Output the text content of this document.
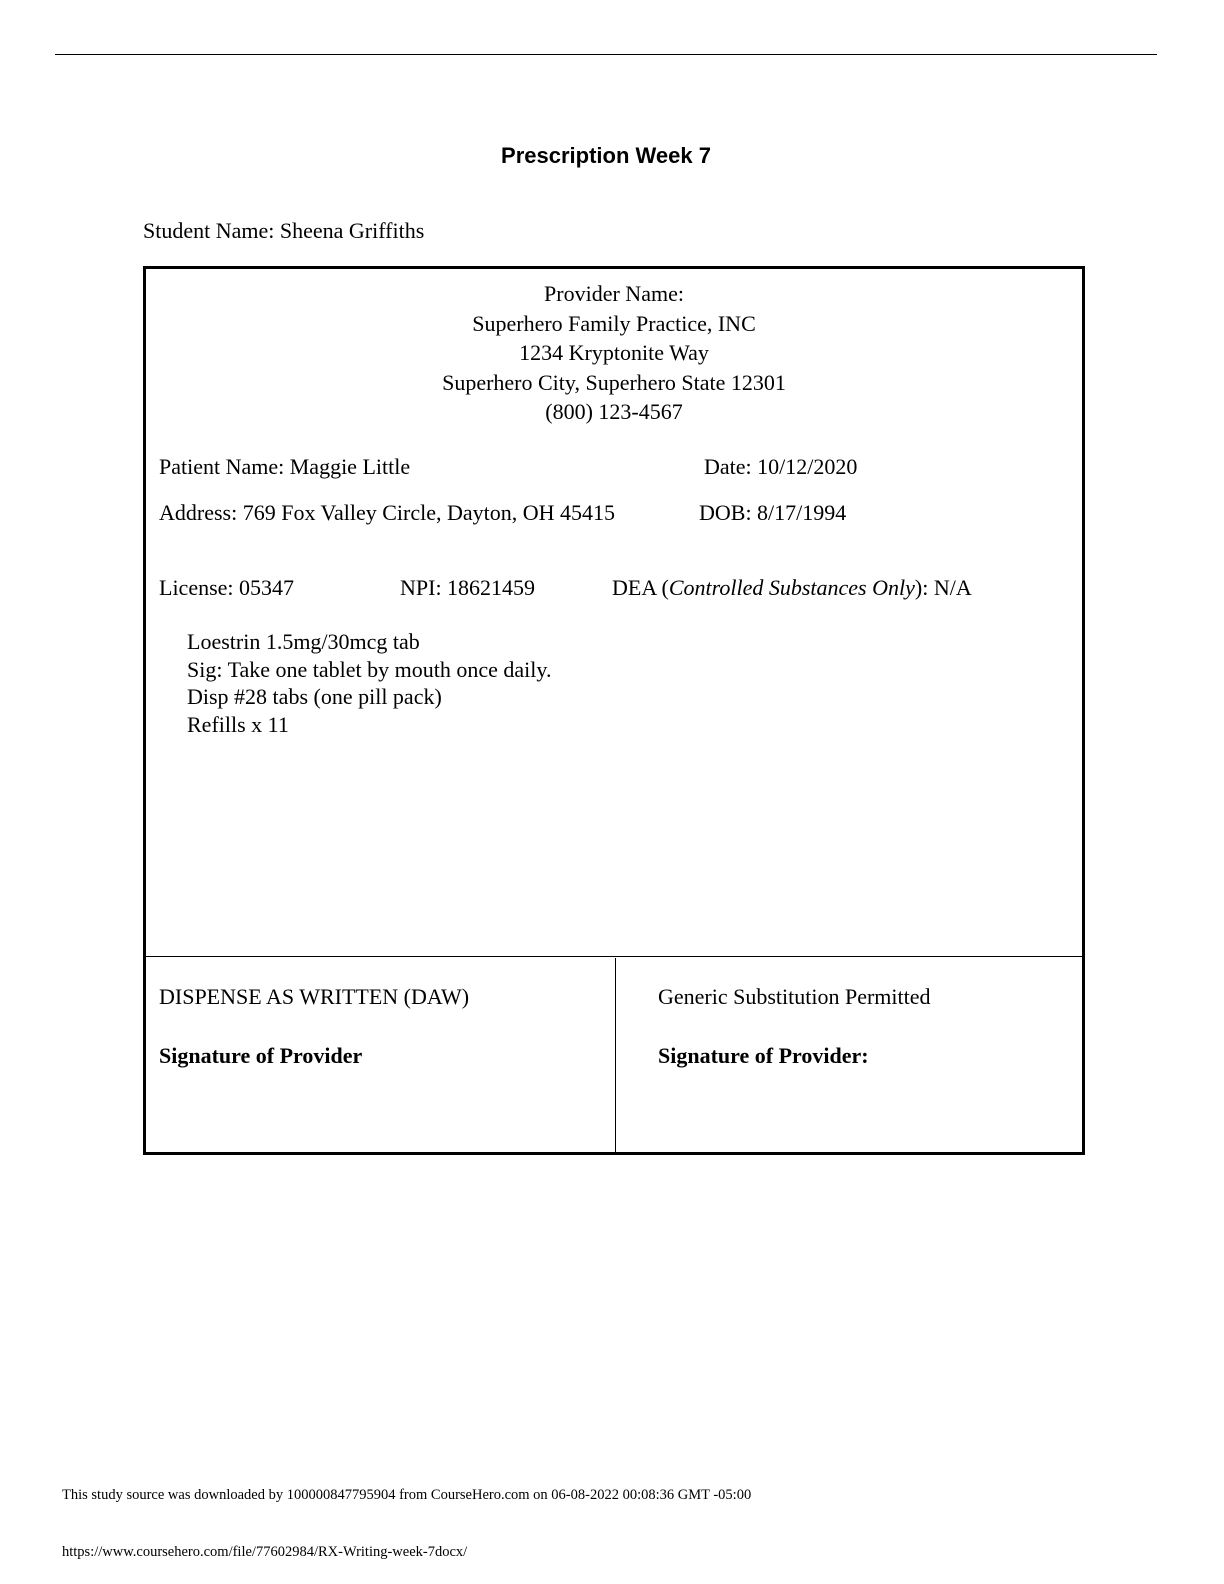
Prescription Week 7
Student Name: Sheena Griffiths
Provider Name:
Superhero Family Practice, INC
1234 Kryptonite Way
Superhero City, Superhero State 12301
(800) 123-4567
Patient Name: Maggie Little	Date: 10/12/2020
Address: 769 Fox Valley Circle, Dayton, OH 45415	DOB: 8/17/1994
License: 05347	NPI: 18621459	DEA (Controlled Substances Only): N/A
Loestrin 1.5mg/30mcg tab
Sig: Take one tablet by mouth once daily.
Disp #28 tabs (one pill pack)
Refills x 11
DISPENSE AS WRITTEN (DAW)
Signature of Provider
Generic Substitution Permitted
Signature of Provider:
This study source was downloaded by 100000847795904 from CourseHero.com on 06-08-2022 00:08:36 GMT -05:00
https://www.coursehero.com/file/77602984/RX-Writing-week-7docx/
